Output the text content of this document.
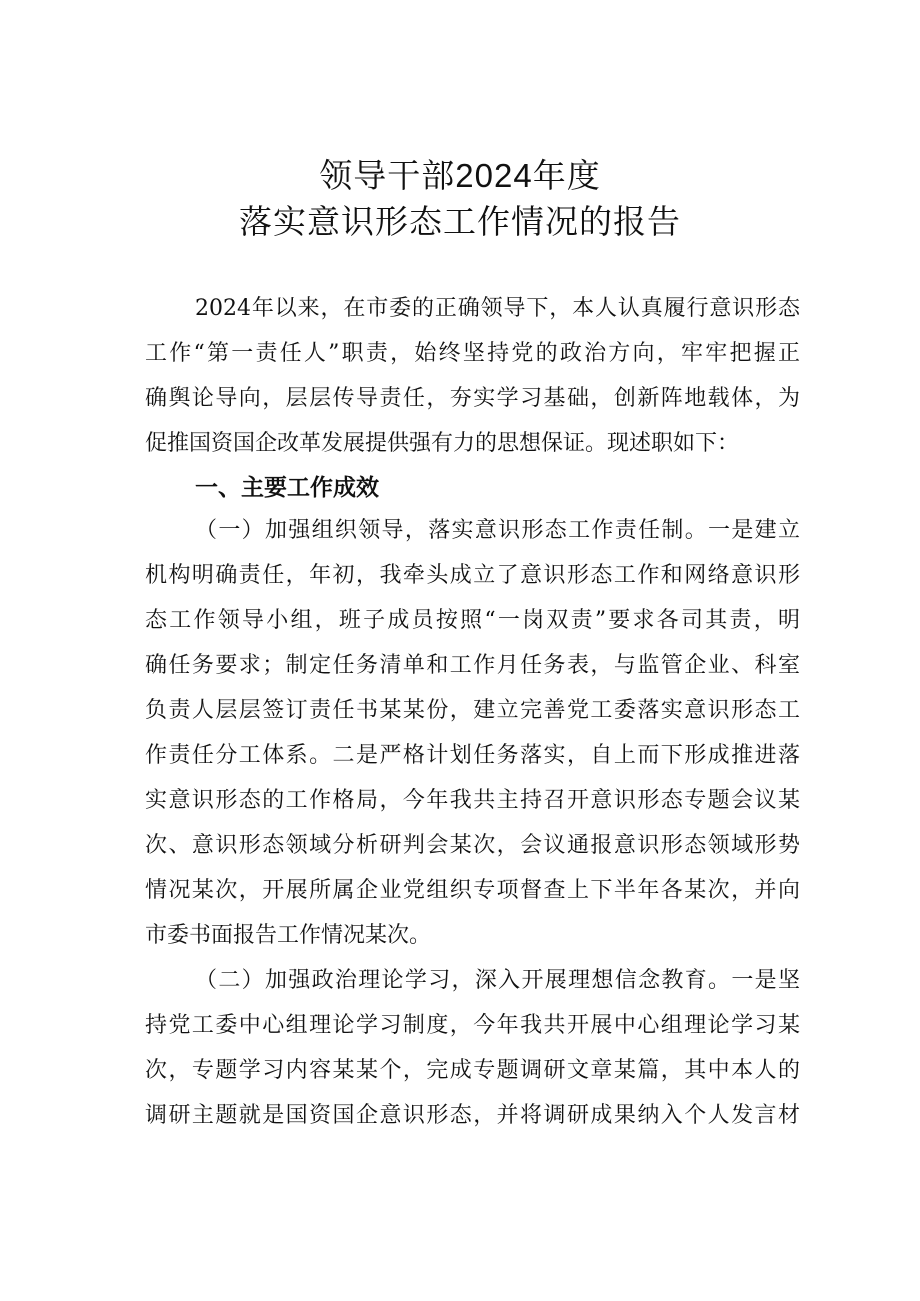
领导干部2024年度
落实意识形态工作情况的报告
2024年以来，在市委的正确领导下，本人认真履行意识形态
工作“第一责任人”职责，始终坚持党的政治方向，牢牢把握正
确舆论导向，层层传导责任，夯实学习基础，创新阵地载体，为
促推国资国企改革发展提供强有力的思想保证。现述职如下：
一、主要工作成效
（一）加强组织领导，落实意识形态工作责任制。一是建立
机构明确责任，年初，我牵头成立了意识形态工作和网络意识形
态工作领导小组，班子成员按照“一岗双责”要求各司其责，明
确任务要求；制定任务清单和工作月任务表，与监管企业、科室
负责人层层签订责任书某某份，建立完善党工委落实意识形态工
作责任分工体系。二是严格计划任务落实，自上而下形成推进落
实意识形态的工作格局，今年我共主持召开意识形态专题会议某
次、意识形态领域分析研判会某次，会议通报意识形态领域形势
情况某次，开展所属企业党组织专项督查上下半年各某次，并向
市委书面报告工作情况某次。
（二）加强政治理论学习，深入开展理想信念教育。一是坚
持党工委中心组理论学习制度，今年我共开展中心组理论学习某
次，专题学习内容某某个，完成专题调研文章某篇，其中本人的
调研主题就是国资国企意识形态，并将调研成果纳入个人发言材
